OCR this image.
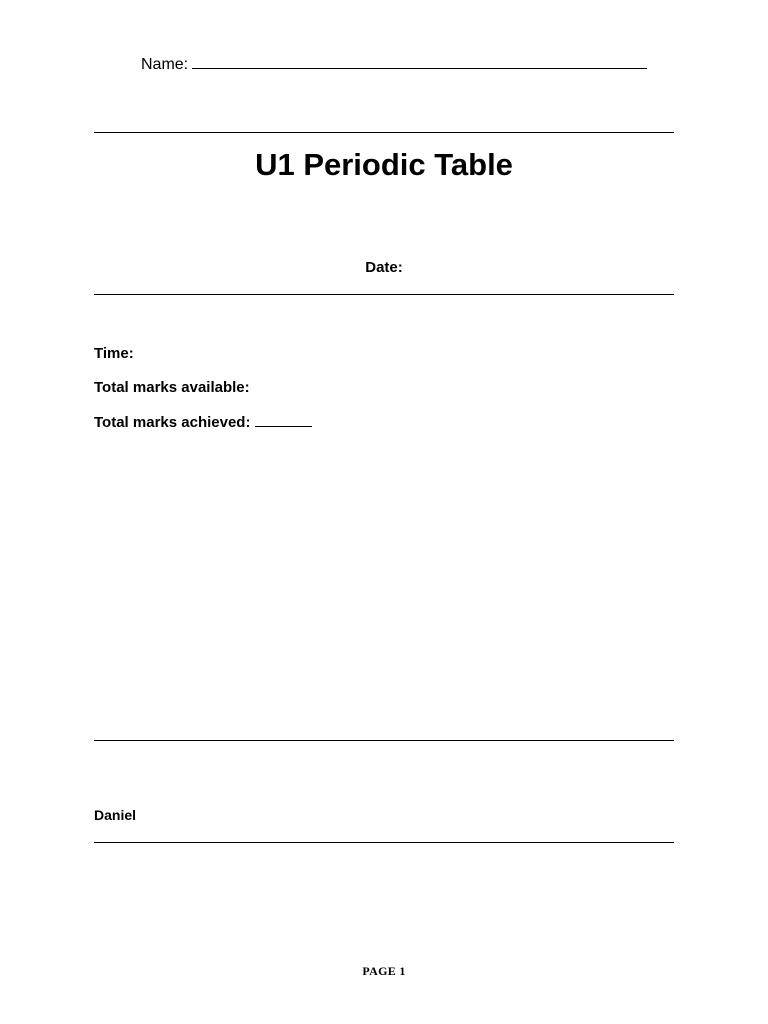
Name:
U1 Periodic Table
Date:
Time:
Total marks available:
Total marks achieved:
Daniel
PAGE 1
